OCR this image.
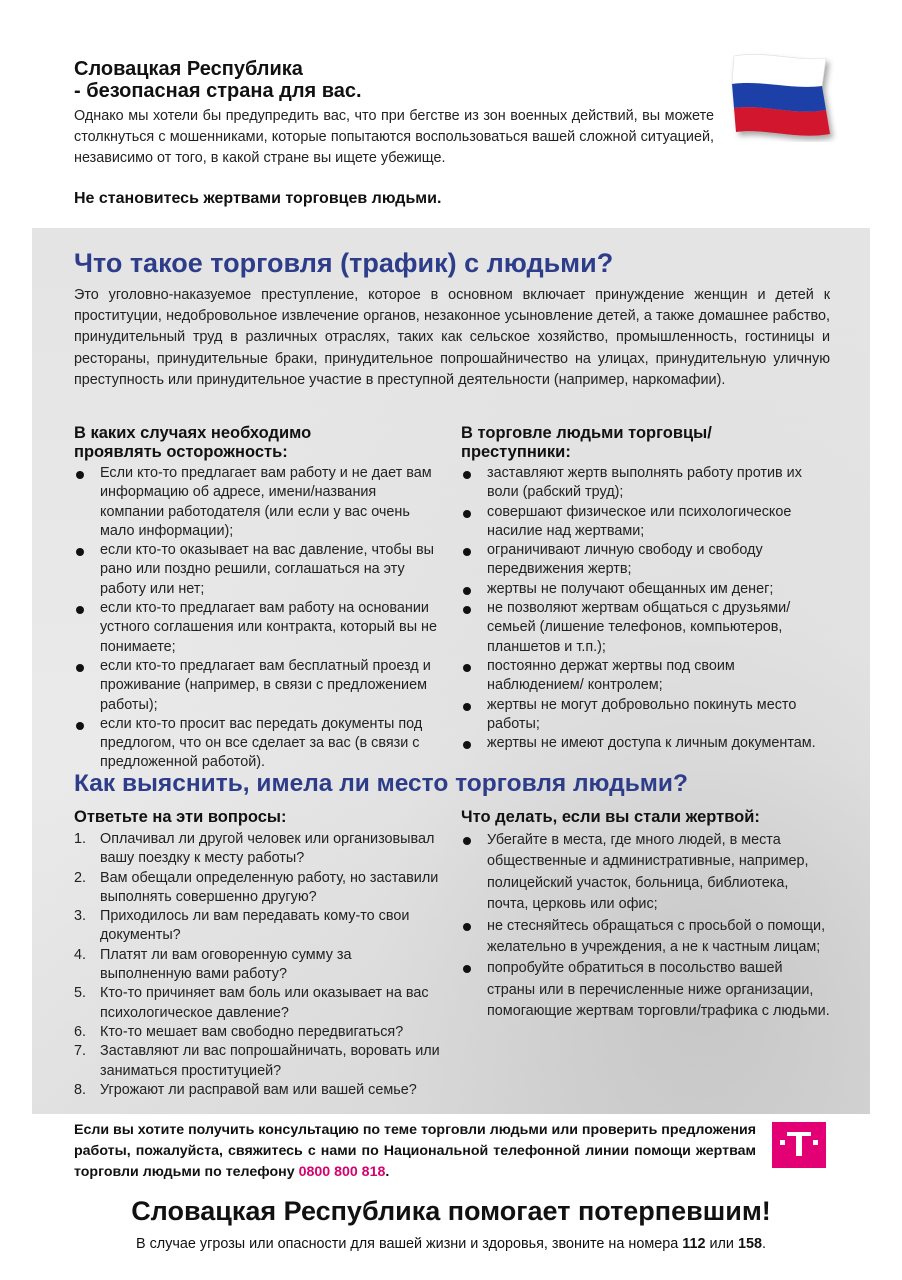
Словацкая Республика
- безопасная страна для вас.
Однако мы хотели бы предупредить вас, что при бегстве из зон военных действий, вы можете столкнуться с мошенниками, которые попытаются воспользоваться вашей сложной ситуацией, независимо от того, в какой стране вы ищете убежище.
Не становитесь жертвами торговцев людьми.
Что такое торговля (трафик) с людьми?
Это уголовно-наказуемое преступление, которое в основном включает принуждение женщин и детей к проституции, недобровольное извлечение органов, незаконное усыновление детей, а также домашнее рабство, принудительный труд в различных отраслях, таких как сельское хозяйство, промышленность, гостиницы и рестораны, принудительные браки, принудительное попрошайничество на улицах, принудительную уличную преступность или принудительное участие в преступной деятельности (например, наркомафии).
В каких случаях необходимо
проявлять осторожность:
Если кто-то предлагает вам работу и не дает вам информацию об адресе, имени/названия компании работодателя (или если у вас очень мало информации);
если кто-то оказывает на вас давление, чтобы вы рано или поздно решили, соглашаться на эту работу или нет;
если кто-то предлагает вам работу на основании устного соглашения или контракта, который вы не понимаете;
если кто-то предлагает вам бесплатный проезд и проживание (например, в связи с предложением работы);
если кто-то просит вас передать документы под предлогом, что он все сделает за вас (в связи с предложенной работой).
В торговле людьми торговцы/
преступники:
заставляют жертв выполнять работу против их воли (рабский труд);
совершают физическое или психологическое насилие над жертвами;
ограничивают личную свободу и свободу передвижения жертв;
жертвы не получают обещанных им денег;
не позволяют жертвам общаться с друзьями/ семьей (лишение телефонов, компьютеров, планшетов и т.п.);
постоянно держат жертвы под своим наблюдением/ контролем;
жертвы не могут добровольно покинуть место работы;
жертвы не имеют доступа к личным документам.
Как выяснить, имела ли место торговля людьми?
Ответьте на эти вопросы:
1. Оплачивал ли другой человек или организовывал вашу поездку к месту работы?
2. Вам обещали определенную работу, но заставили выполнять совершенно другую?
3. Приходилось ли вам передавать кому-то свои документы?
4. Платят ли вам оговоренную сумму за выполненную вами работу?
5. Кто-то причиняет вам боль или оказывает на вас психологическое давление?
6. Кто-то мешает вам свободно передвигаться?
7. Заставляют ли вас попрошайничать, воровать или заниматься проституцией?
8. Угрожают ли расправой вам или вашей семье?
Что делать, если вы стали жертвой:
Убегайте в места, где много людей, в места общественные и административные, например, полицейский участок, больница, библиотека, почта, церковь или офис;
не стесняйтесь обращаться с просьбой о помощи, желательно в учреждения, а не к частным лицам;
попробуйте обратиться в посольство вашей страны или в перечисленные ниже организации, помогающие жертвам торговли/трафика с людьми.
Если вы хотите получить консультацию по теме торговли людьми или проверить предложения работы, пожалуйста, свяжитесь с нами по Национальной телефонной линии помощи жертвам торговли людьми по телефону 0800 800 818.
Словацкая Республика помогает потерпевшим!
В случае угрозы или опасности для вашей жизни и здоровья, звоните на номера 112 или 158.
